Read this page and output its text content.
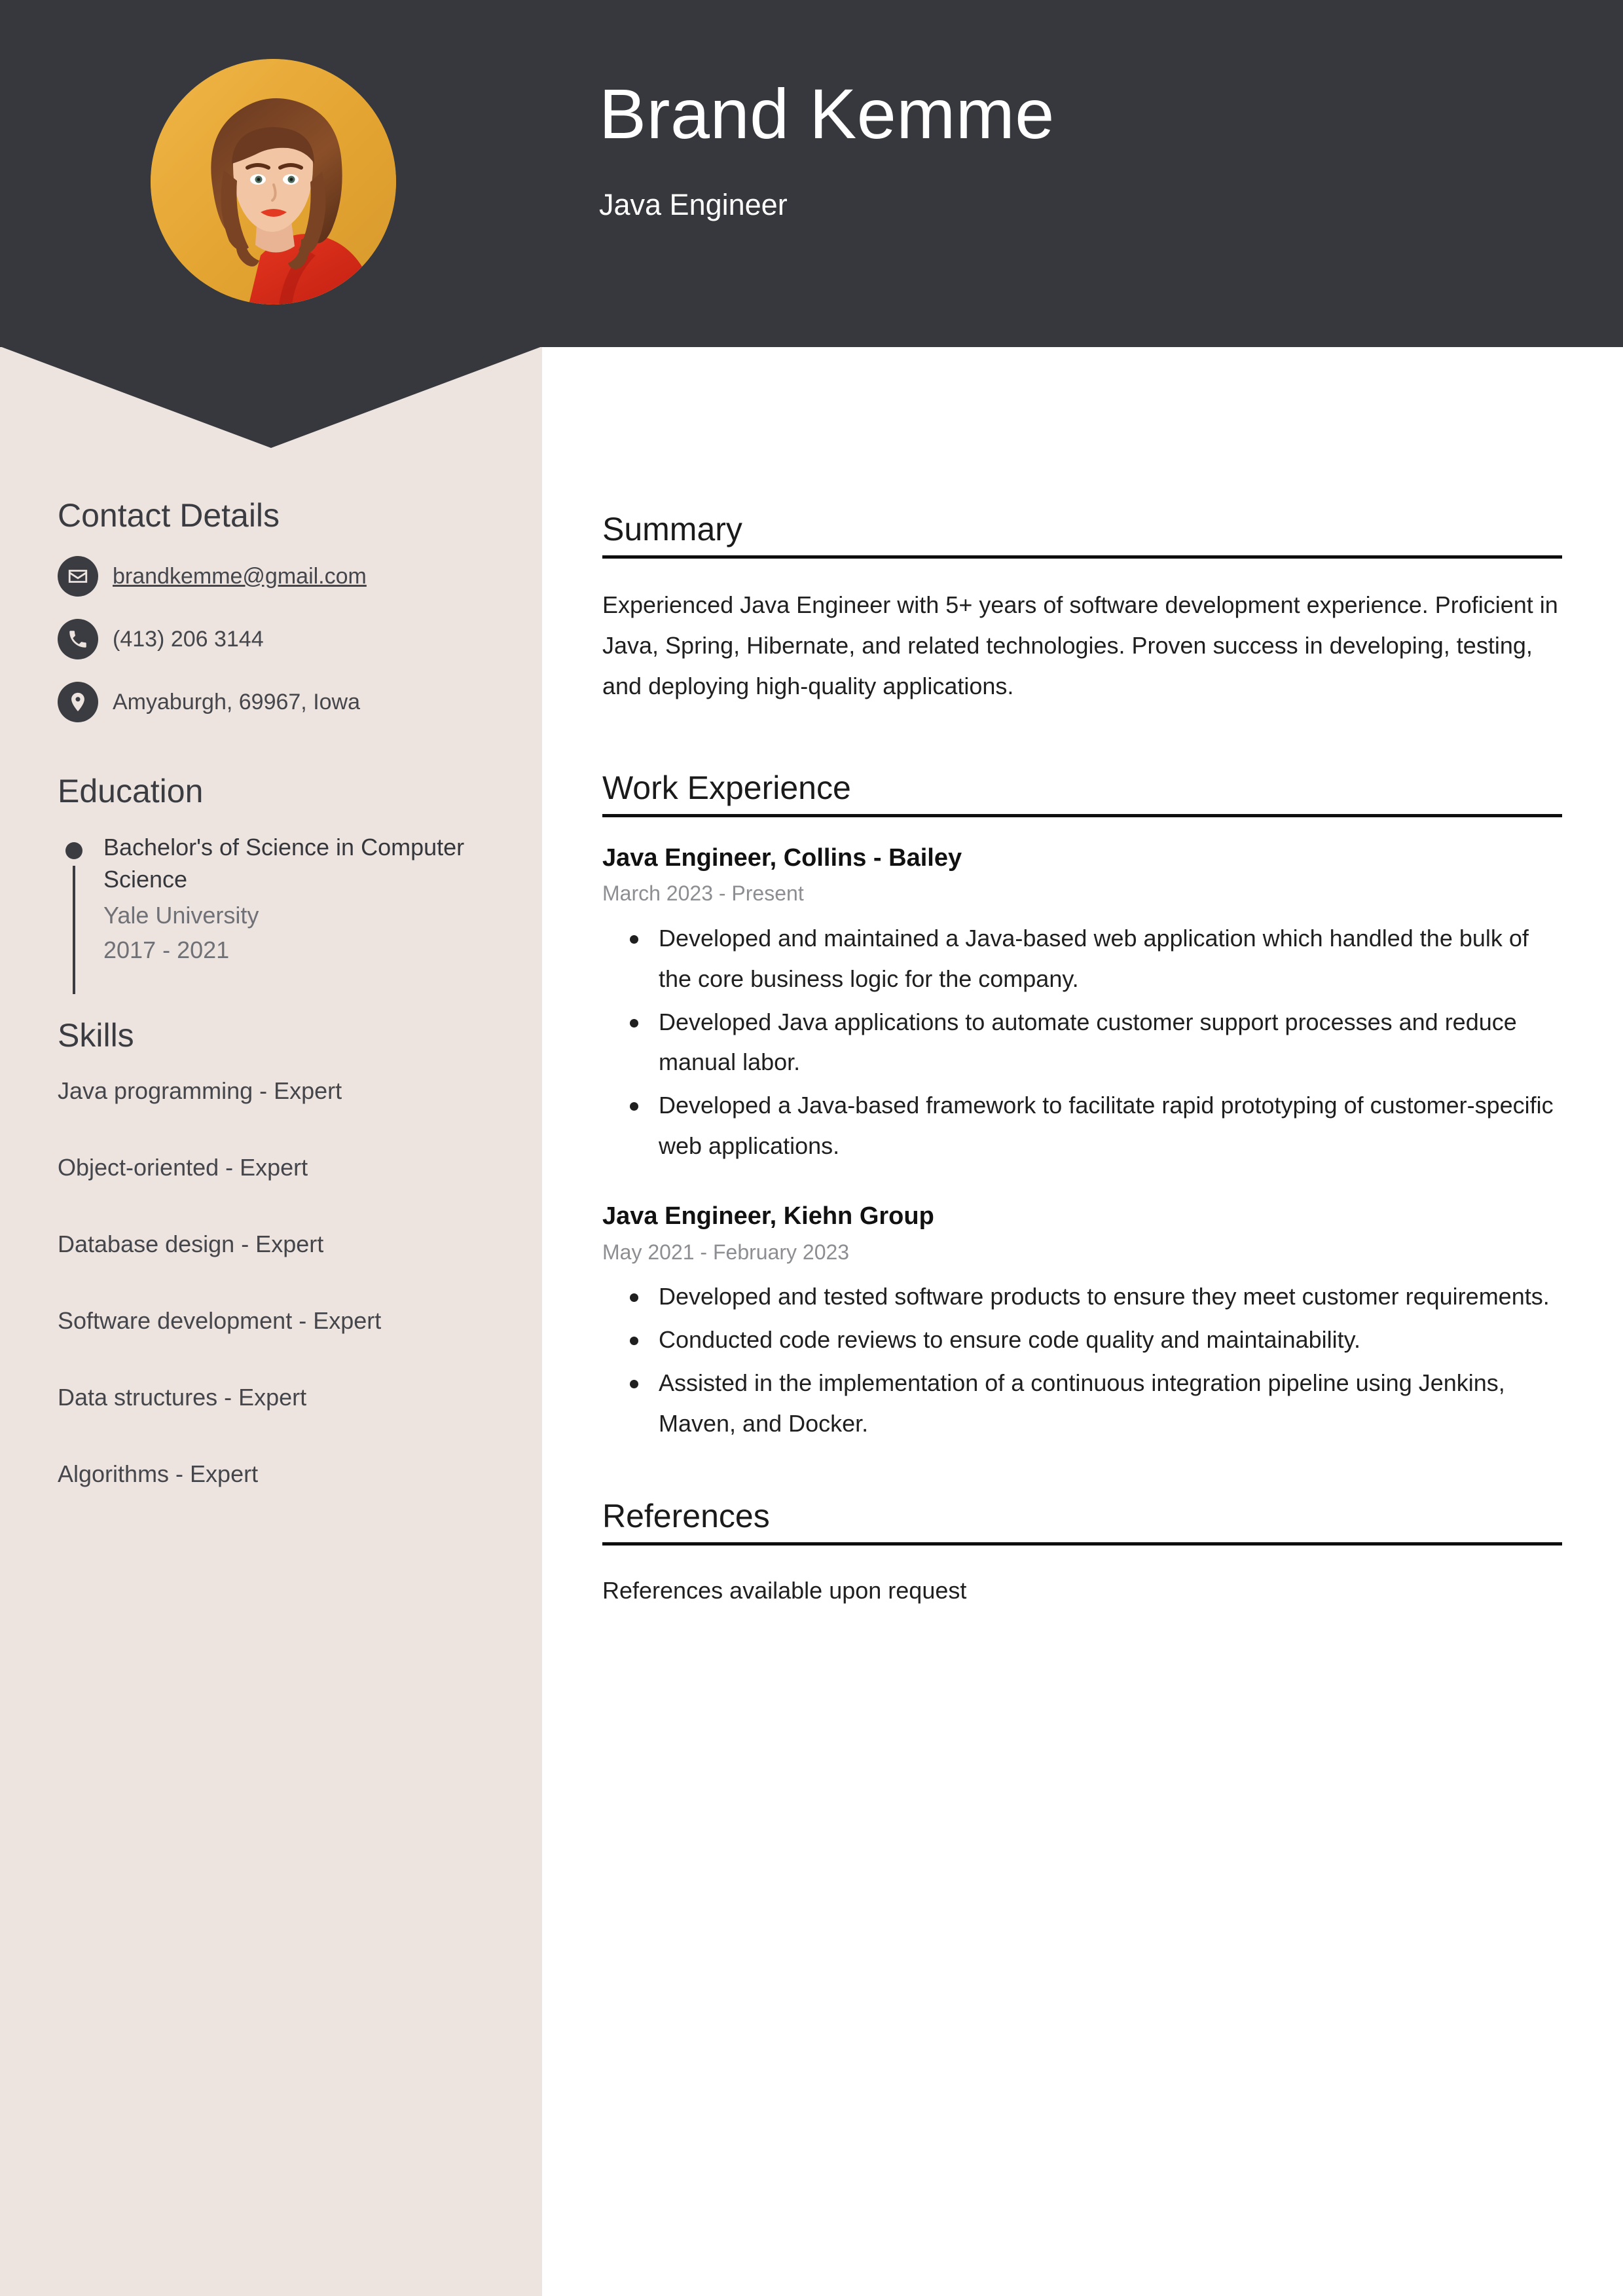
Brand Kemme
Java Engineer
Contact Details
brandkemme@gmail.com
(413) 206 3144
Amyaburgh, 69967, Iowa
Education
Bachelor's of Science in Computer Science
Yale University
2017 - 2021
Skills
Java programming - Expert
Object-oriented - Expert
Database design - Expert
Software development - Expert
Data structures - Expert
Algorithms - Expert
Summary

Experienced Java Engineer with 5+ years of software development experience. Proficient in Java, Spring, Hibernate, and related technologies. Proven success in developing, testing, and deploying high-quality applications.

Work Experience

Java Engineer, Collins - Bailey

March 2023 - Present

Developed and maintained a Java-based web application which handled the bulk of the core business logic for the company.
Developed Java applications to automate customer support processes and reduce manual labor.
Developed a Java-based framework to facilitate rapid prototyping of customer-specific web applications.

Java Engineer, Kiehn Group

May 2021 - February 2023

Developed and tested software products to ensure they meet customer requirements.
Conducted code reviews to ensure code quality and maintainability.
Assisted in the implementation of a continuous integration pipeline using Jenkins, Maven, and Docker.
References

References available upon request
